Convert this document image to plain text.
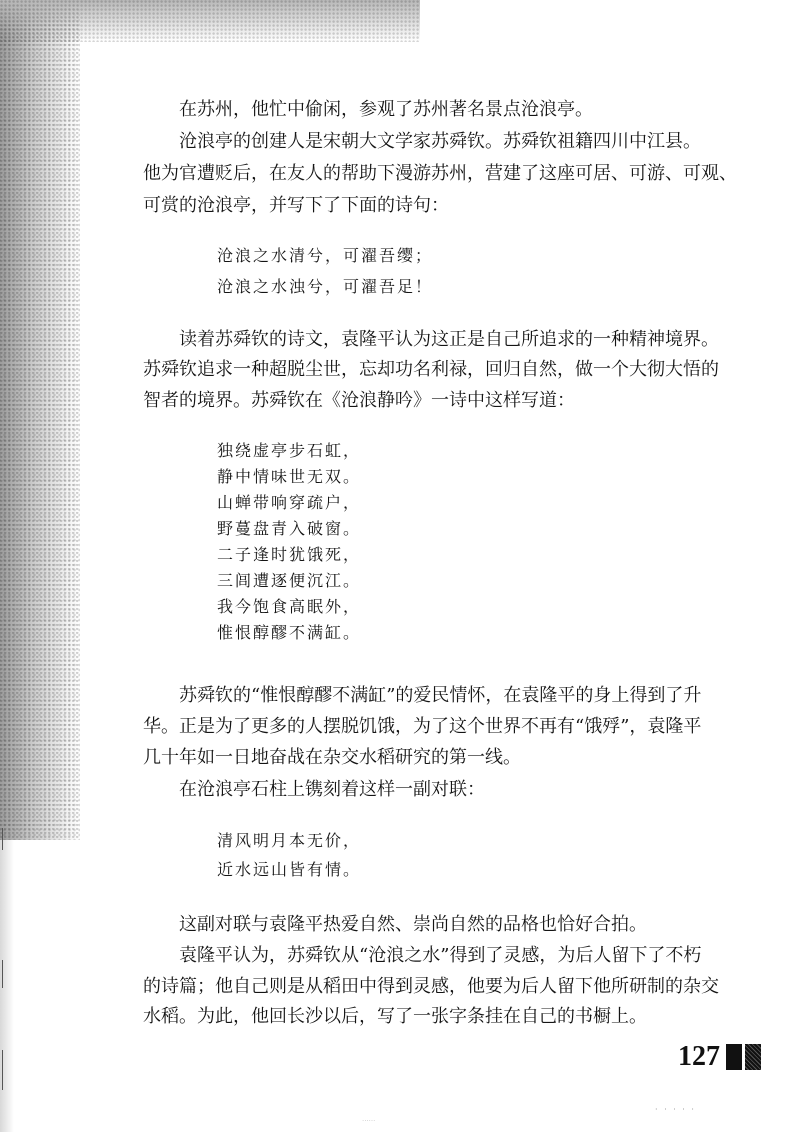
在苏州，他忙中偷闲，参观了苏州著名景点沧浪亭。
沧浪亭的创建人是宋朝大文学家苏舜钦。苏舜钦祖籍四川中江县。
他为官遭贬后，在友人的帮助下漫游苏州，营建了这座可居、可游、可观、
可赏的沧浪亭，并写下了下面的诗句：
沧浪之水清兮，可濯吾缨；
沧浪之水浊兮，可濯吾足！
读着苏舜钦的诗文，袁隆平认为这正是自己所追求的一种精神境界。
苏舜钦追求一种超脱尘世，忘却功名利禄，回归自然，做一个大彻大悟的
智者的境界。苏舜钦在《沧浪静吟》一诗中这样写道：
独绕虚亭步石虹，
静中情味世无双。
山蝉带响穿疏户，
野蔓盘青入破窗。
二子逢时犹饿死，
三闾遭逐便沉江。
我今饱食高眠外，
惟恨醇醪不满缸。
苏舜钦的“惟恨醇醪不满缸”的爱民情怀，在袁隆平的身上得到了升
华。正是为了更多的人摆脱饥饿，为了这个世界不再有“饿殍”，袁隆平
几十年如一日地奋战在杂交水稻研究的第一线。
在沧浪亭石柱上镌刻着这样一副对联：
清风明月本无价，
近水远山皆有情。
这副对联与袁隆平热爱自然、崇尚自然的品格也恰好合拍。
袁隆平认为，苏舜钦从“沧浪之水”得到了灵感，为后人留下了不朽
的诗篇；他自己则是从稻田中得到灵感，他要为后人留下他所研制的杂交
水稻。为此，他回长沙以后，写了一张字条挂在自己的书橱上。
127
· · · · ·
······
